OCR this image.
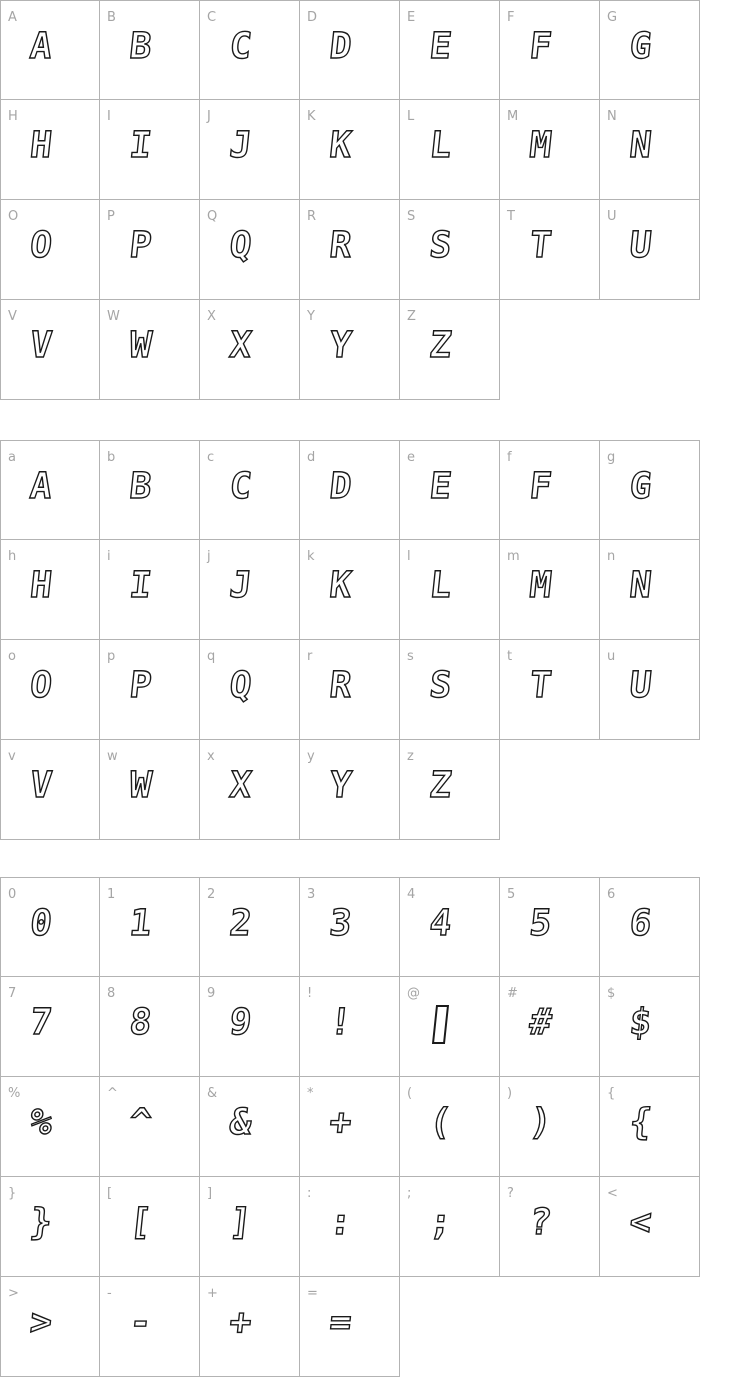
A
A
B
B
C
C
D
D
E
E
F
F
G
G
H
H
I
I
J
J
K
K
L
L
M
M
N
N
O
O
P
P
Q
Q
R
R
S
S
T
T
U
U
V
V
W
W
X
X
Y
Y
Z
Z
a
A
b
B
c
C
d
D
e
E
f
F
g
G
h
H
i
I
j
J
k
K
l
L
m
M
n
N
o
O
p
P
q
Q
r
R
s
S
t
T
u
U
v
V
w
W
x
X
y
Y
z
Z
0
0
1
1
2
2
3
3
4
4
5
5
6
6
7
7
8
8
9
9
!
!
@	#
#
$
$
%
%
^
^
&
&
*
+
(
(
)
)
{
{
}
}
[
[
]
]
:
:
;
;
?
?
<
<
>
>
-
-
+
+
=
=
